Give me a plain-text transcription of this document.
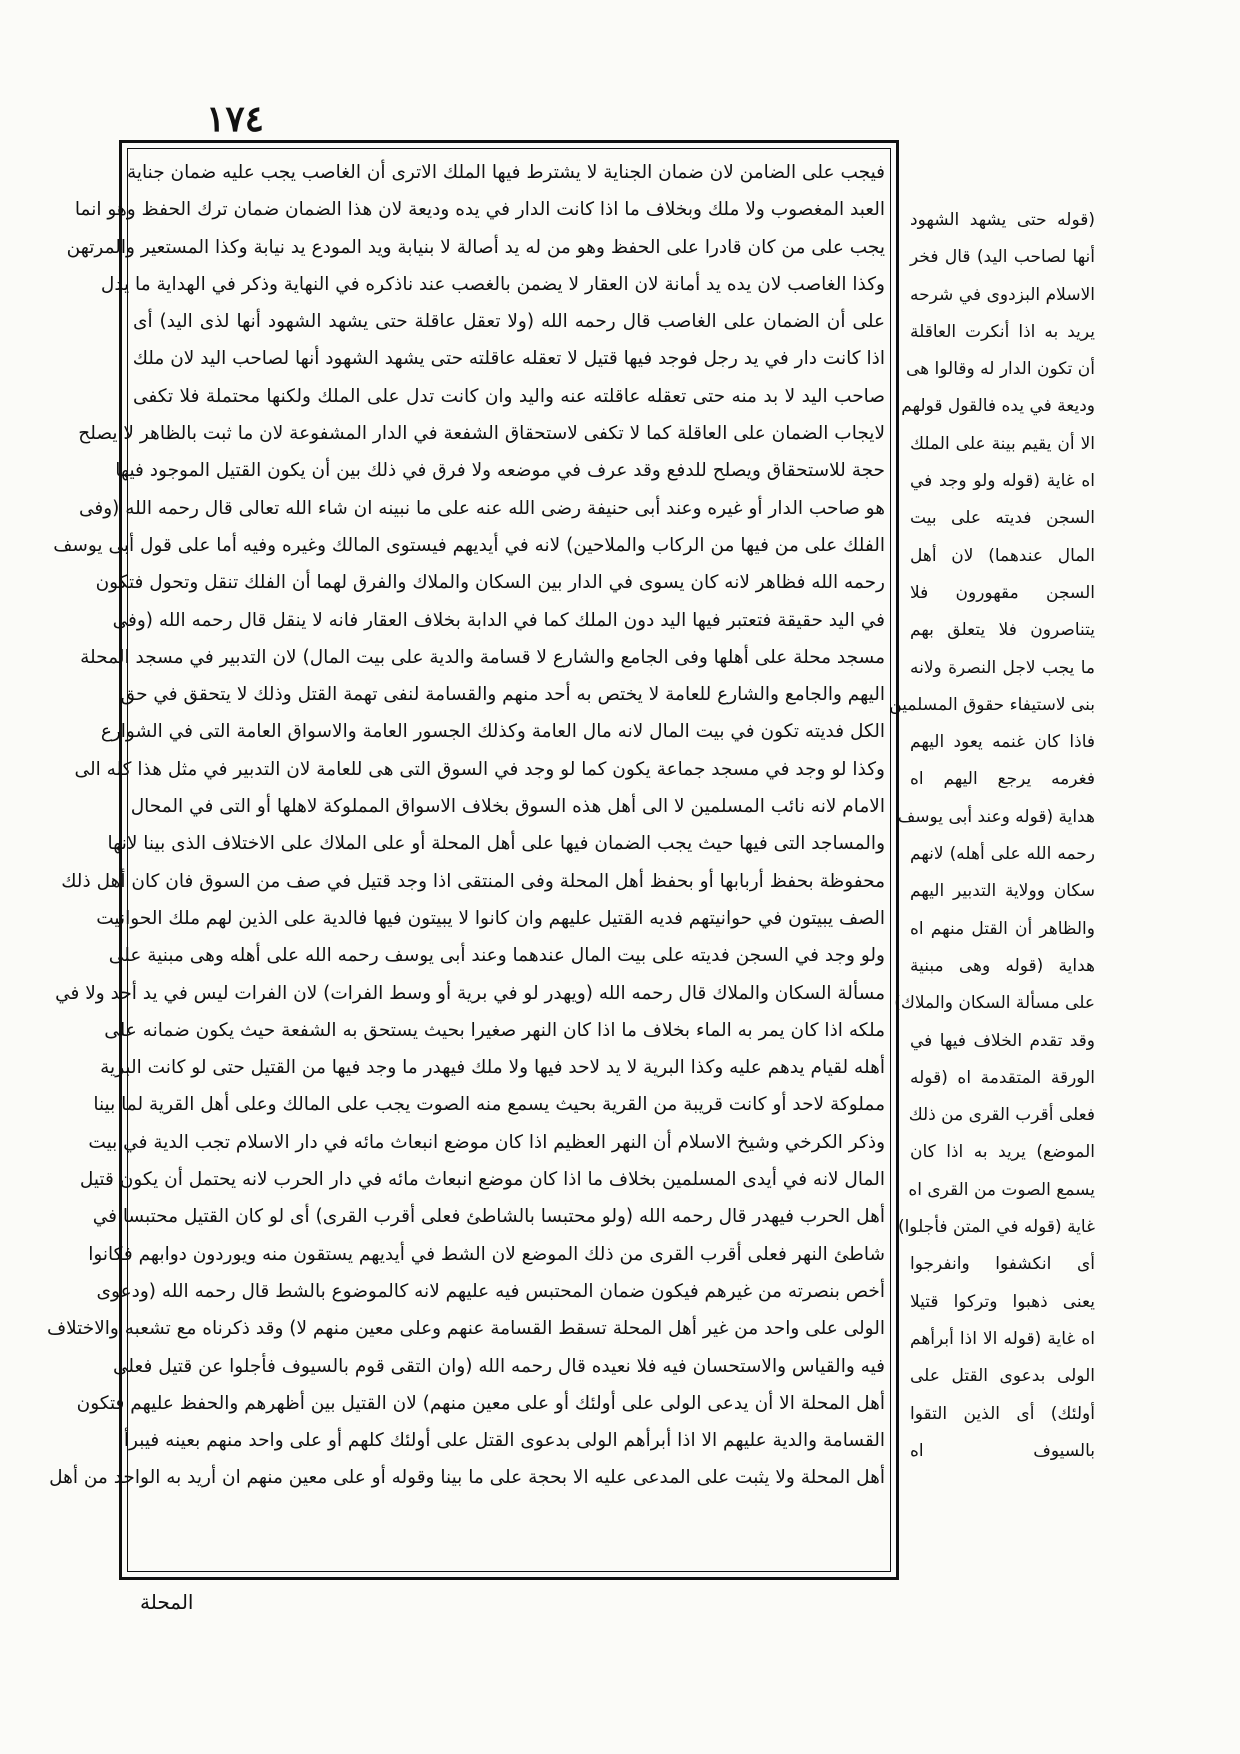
١٧٤
فيجب على الضامن لان ضمان الجناية لا يشترط فيها الملك الاترى أن الغاصب يجب عليه ضمان جناية
العبد المغصوب ولا ملك وبخلاف ما اذا كانت الدار في يده وديعة لان هذا الضمان ضمان ترك الحفظ وهو انما
يجب على من كان قادرا على الحفظ وهو من له يد أصالة لا بنيابة ويد المودع يد نيابة وكذا المستعير والمرتهن
وكذا الغاصب لان يده يد أمانة لان العقار لا يضمن بالغصب عند ناذكره في النهاية وذكر في الهداية ما يدل
على أن الضمان على الغاصب قال رحمه الله (ولا تعقل عاقلة حتى يشهد الشهود أنها لذى اليد) أى
اذا كانت دار في يد رجل فوجد فيها قتيل لا تعقله عاقلته حتى يشهد الشهود أنها لصاحب اليد لان ملك
صاحب اليد لا بد منه حتى تعقله عاقلته عنه واليد وان كانت تدل على الملك ولكنها محتملة فلا تكفى
لايجاب الضمان على العاقلة كما لا تكفى لاستحقاق الشفعة في الدار المشفوعة لان ما ثبت بالظاهر لا يصلح
حجة للاستحقاق ويصلح للدفع وقد عرف في موضعه ولا فرق في ذلك بين أن يكون القتيل الموجود فيها
هو صاحب الدار أو غيره وعند أبى حنيفة رضى الله عنه على ما نبينه ان شاء الله تعالى قال رحمه الله (وفى
الفلك على من فيها من الركاب والملاحين) لانه في أيديهم فيستوى المالك وغيره وفيه أما على قول أبى يوسف
رحمه الله فظاهر لانه كان يسوى في الدار بين السكان والملاك والفرق لهما أن الفلك تنقل وتحول فتكون
في اليد حقيقة فتعتبر فيها اليد دون الملك كما في الدابة بخلاف العقار فانه لا ينقل قال رحمه الله (وفى
مسجد محلة على أهلها وفى الجامع والشارع لا قسامة والدية على بيت المال) لان التدبير في مسجد المحلة
اليهم والجامع والشارع للعامة لا يختص به أحد منهم والقسامة لنفى تهمة القتل وذلك لا يتحقق في حق
الكل فديته تكون في بيت المال لانه مال العامة وكذلك الجسور العامة والاسواق العامة التى في الشوارع
وكذا لو وجد في مسجد جماعة يكون كما لو وجد في السوق التى هى للعامة لان التدبير في مثل هذا كله الى
الامام لانه نائب المسلمين لا الى أهل هذه السوق بخلاف الاسواق المملوكة لاهلها أو التى في المحال
والمساجد التى فيها حيث يجب الضمان فيها على أهل المحلة أو على الملاك على الاختلاف الذى بينا لانها
محفوظة بحفظ أربابها أو بحفظ أهل المحلة وفى المنتقى اذا وجد قتيل في صف من السوق فان كان أهل ذلك
الصف يبيتون في حوانيتهم فديه القتيل عليهم وان كانوا لا يبيتون فيها فالدية على الذين لهم ملك الحوانيت
ولو وجد في السجن فديته على بيت المال عندهما وعند أبى يوسف رحمه الله على أهله وهى مبنية على
مسألة السكان والملاك قال رحمه الله (ويهدر لو في برية أو وسط الفرات) لان الفرات ليس في يد أحد ولا في
ملكه اذا كان يمر به الماء بخلاف ما اذا كان النهر صغيرا بحيث يستحق به الشفعة حيث يكون ضمانه على
أهله لقيام يدهم عليه وكذا البرية لا يد لاحد فيها ولا ملك فيهدر ما وجد فيها من القتيل حتى لو كانت البرية
مملوكة لاحد أو كانت قريبة من القرية بحيث يسمع منه الصوت يجب على المالك وعلى أهل القرية لما بينا
وذكر الكرخي وشيخ الاسلام أن النهر العظيم اذا كان موضع انبعاث مائه في دار الاسلام تجب الدية في بيت
المال لانه في أيدى المسلمين بخلاف ما اذا كان موضع انبعاث مائه في دار الحرب لانه يحتمل أن يكون قتيل
أهل الحرب فيهدر قال رحمه الله (ولو محتبسا بالشاطئ فعلى أقرب القرى) أى لو كان القتيل محتبسا في
شاطئ النهر فعلى أقرب القرى من ذلك الموضع لان الشط في أيديهم يستقون منه ويوردون دوابهم فكانوا
أخص بنصرته من غيرهم فيكون ضمان المحتبس فيه عليهم لانه كالموضوع بالشط قال رحمه الله (ودعوى
الولى على واحد من غير أهل المحلة تسقط القسامة عنهم وعلى معين منهم لا) وقد ذكرناه مع تشعبه والاختلاف
فيه والقياس والاستحسان فيه فلا نعيده قال رحمه الله (وان التقى قوم بالسيوف فأجلوا عن قتيل فعلى
أهل المحلة الا أن يدعى الولى على أولئك أو على معين منهم) لان القتيل بين أظهرهم والحفظ عليهم فتكون
القسامة والدية عليهم الا اذا أبرأهم الولى بدعوى القتل على أولئك كلهم أو على واحد منهم بعينه فيبرأ
أهل المحلة ولا يثبت على المدعى عليه الا بحجة على ما بينا وقوله أو على معين منهم ان أريد به الواحد من أهل
(قوله حتى يشهد الشهود
أنها لصاحب اليد) قال فخر
الاسلام البزدوى في شرحه
يريد به اذا أنكرت العاقلة
أن تكون الدار له وقالوا هى
وديعة في يده فالقول قولهم
الا أن يقيم بينة على الملك
اه غاية (قوله ولو وجد في
السجن فديته على بيت
المال عندهما) لان أهل
السجن مقهورون فلا
يتناصرون فلا يتعلق بهم
ما يجب لاجل النصرة ولانه
بنى لاستيفاء حقوق المسلمين
فاذا كان غنمه يعود اليهم
فغرمه يرجع اليهم اه
هداية (قوله وعند أبى يوسف
رحمه الله على أهله) لانهم
سكان وولاية التدبير اليهم
والظاهر أن القتل منهم اه
هداية (قوله وهى مبنية
على مسألة السكان والملاك)
وقد تقدم الخلاف فيها في
الورقة المتقدمة اه (قوله
فعلى أقرب القرى من ذلك
الموضع) يريد به اذا كان
يسمع الصوت من القرى اه
غاية (قوله في المتن فأجلوا)
أى انكشفوا وانفرجوا
يعنى ذهبوا وتركوا قتيلا
اه غاية (قوله الا اذا أبرأهم
الولى بدعوى القتل على
أولئك) أى الذين التقوا
بالسيوف اه
المحلة
